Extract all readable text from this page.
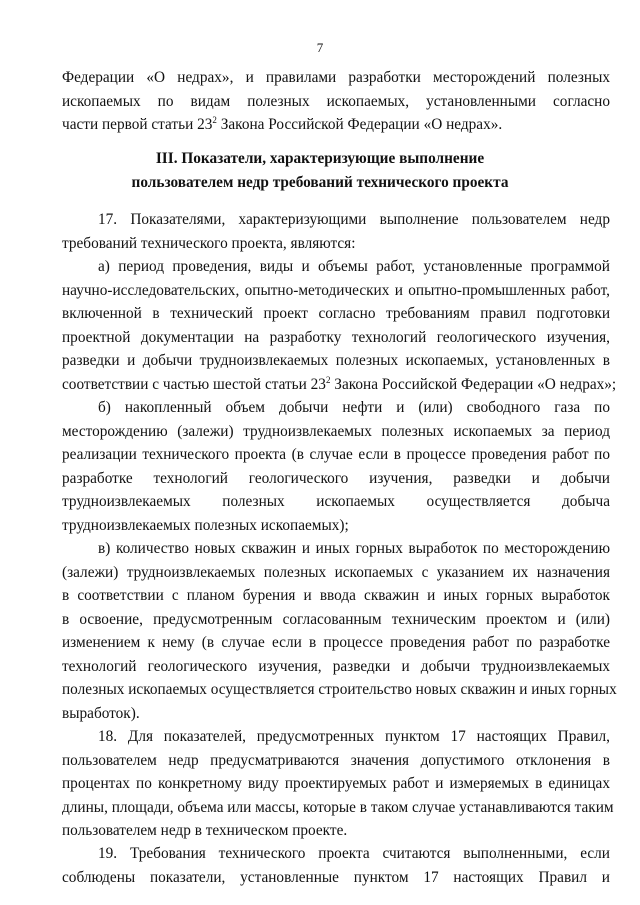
7
Федерации «О недрах», и правилами разработки месторождений полезных
ископаемых по видам полезных ископаемых, установленными согласно
части первой статьи $23^2$ Закона Российской Федерации «О недрах».
III. Показатели, характеризующие выполнение
пользователем недр требований технического проекта
17. Показателями, характеризующими выполнение пользователем недр
требований технического проекта, являются:
а) период проведения, виды и объемы работ, установленные программой
научно-исследовательских, опытно-методических и опытно-промышленных работ,
включенной в технический проект согласно требованиям правил подготовки
проектной документации на разработку технологий геологического изучения,
разведки и добычи трудноизвлекаемых полезных ископаемых, установленных в
соответствии с частью шестой статьи $23^2$ Закона Российской Федерации «О недрах»;
б) накопленный объем добычи нефти и (или) свободного газа по
месторождению (залежи) трудноизвлекаемых полезных ископаемых за период
реализации технического проекта (в случае если в процессе проведения работ по
разработке технологий геологического изучения, разведки и добычи
трудноизвлекаемых полезных ископаемых осуществляется добыча
трудноизвлекаемых полезных ископаемых);
в) количество новых скважин и иных горных выработок по месторождению
(залежи) трудноизвлекаемых полезных ископаемых с указанием их назначения
в соответствии с планом бурения и ввода скважин и иных горных выработок
в освоение, предусмотренным согласованным техническим проектом и (или)
изменением к нему (в случае если в процессе проведения работ по разработке
технологий геологического изучения, разведки и добычи трудноизвлекаемых
полезных ископаемых осуществляется строительство новых скважин и иных горных
выработок).
18. Для показателей, предусмотренных пунктом 17 настоящих Правил,
пользователем недр предусматриваются значения допустимого отклонения в
процентах по конкретному виду проектируемых работ и измеряемых в единицах
длины, площади, объема или массы, которые в таком случае устанавливаются таким
пользователем недр в техническом проекте.
19. Требования технического проекта считаются выполненными, если
соблюдены показатели, установленные пунктом 17 настоящих Правил и
